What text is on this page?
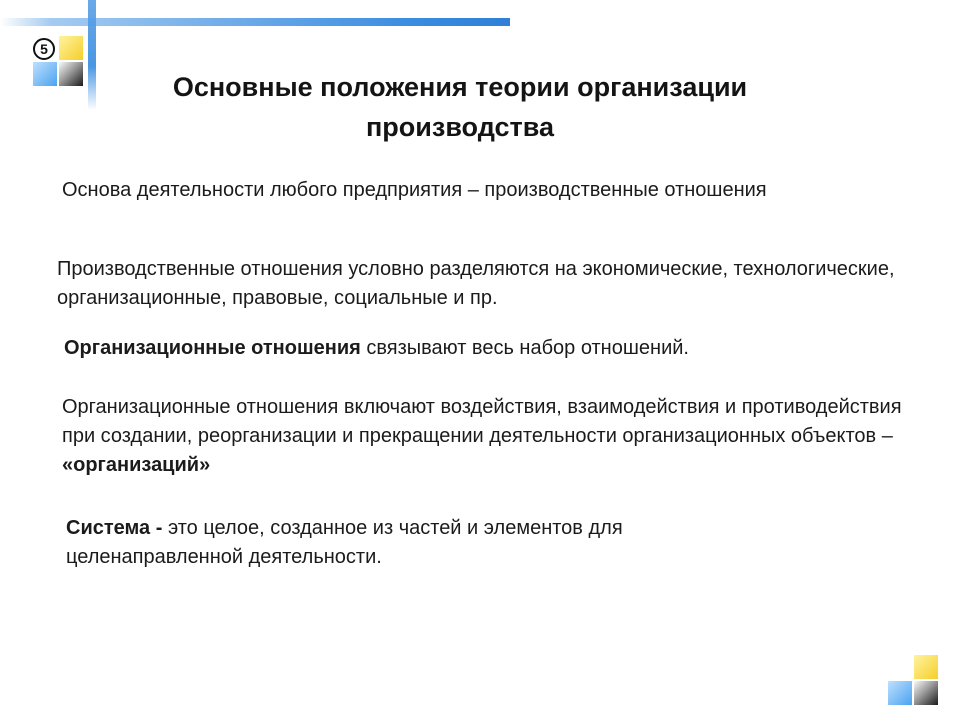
5
Основные положения теории организации производства
Основа деятельности любого предприятия – производственные отношения
Производственные отношения условно разделяются на экономические, технологические, организационные, правовые, социальные и пр.
Организационные отношения связывают весь набор отношений.
Организационные отношения включают воздействия, взаимодействия и противодействия при создании, реорганизации и прекращении деятельности организационных объектов – «организаций»
Система - это целое, созданное из частей и элементов для целенаправленной деятельности.
